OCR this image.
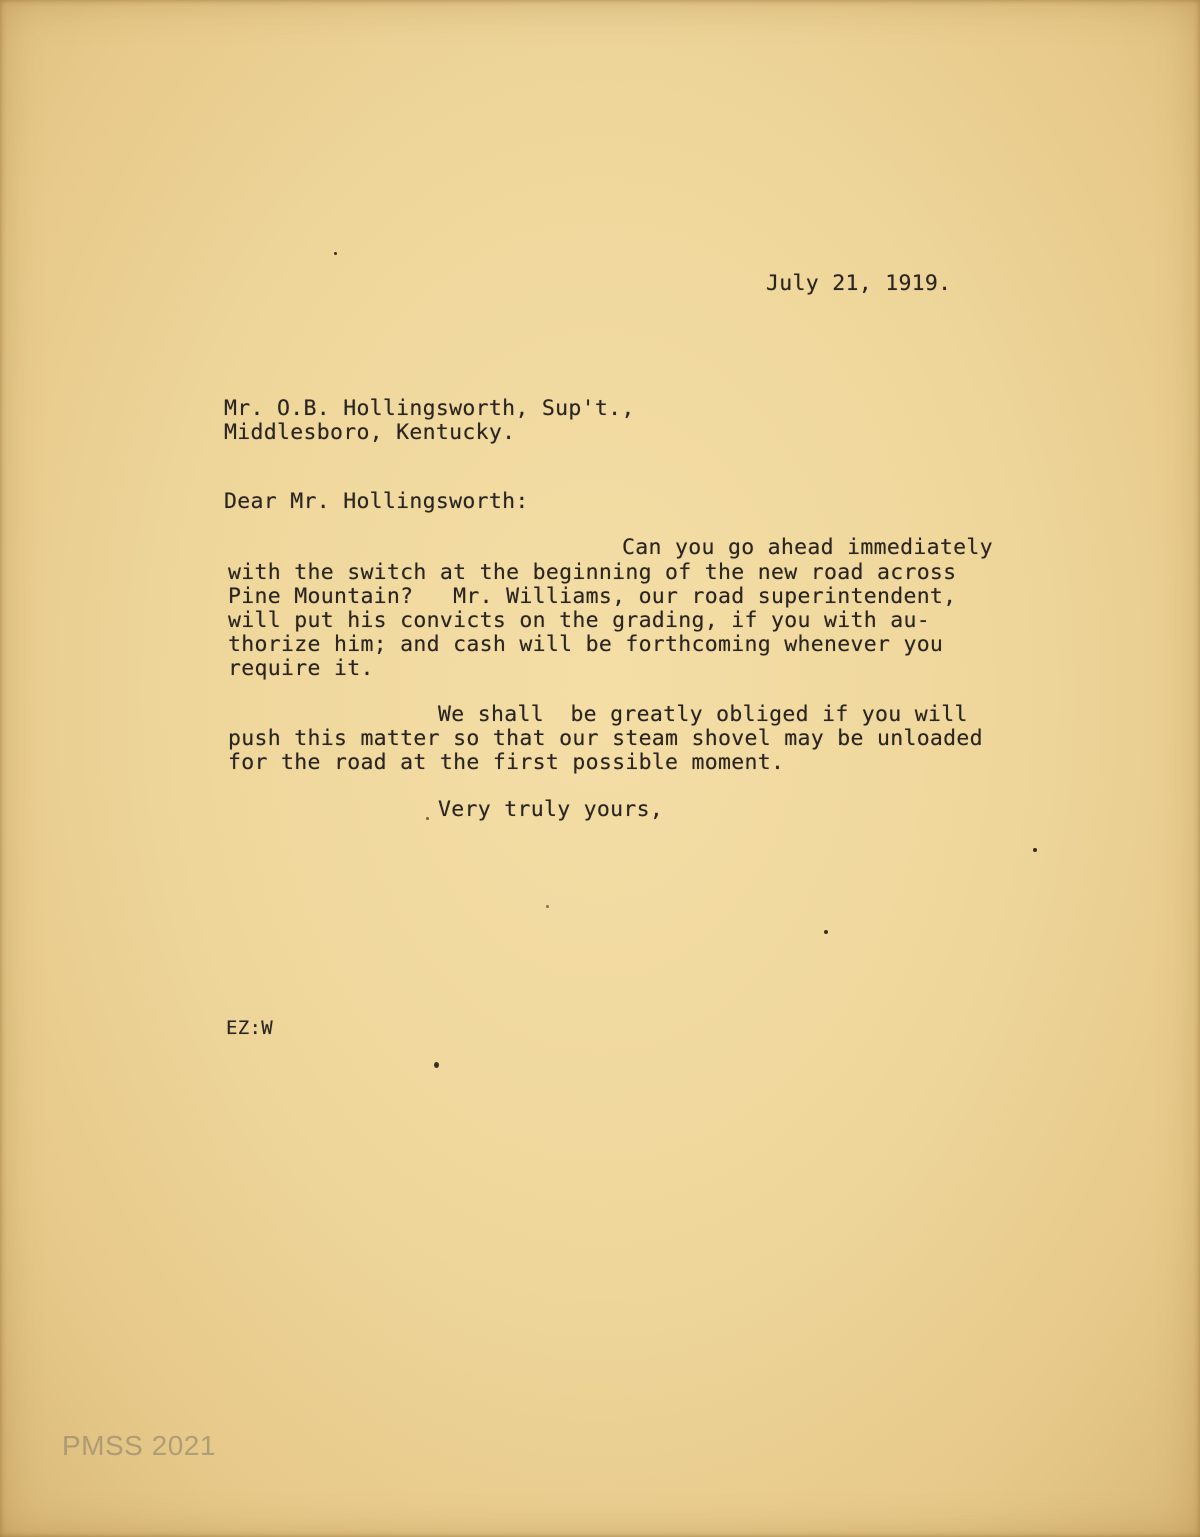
July 21, 1919.
Mr. O.B. Hollingsworth, Sup't.,
Middlesboro, Kentucky.
Dear Mr. Hollingsworth:
Can you go ahead immediately
with the switch at the beginning of the new road across
Pine Mountain?   Mr. Williams, our road superintendent,
will put his convicts on the grading, if you with au-
thorize him; and cash will be forthcoming whenever you
require it.
We shall  be greatly obliged if you will
push this matter so that our steam shovel may be unloaded
for the road at the first possible moment.
Very truly yours,
EZ:W
PMSS 2021
